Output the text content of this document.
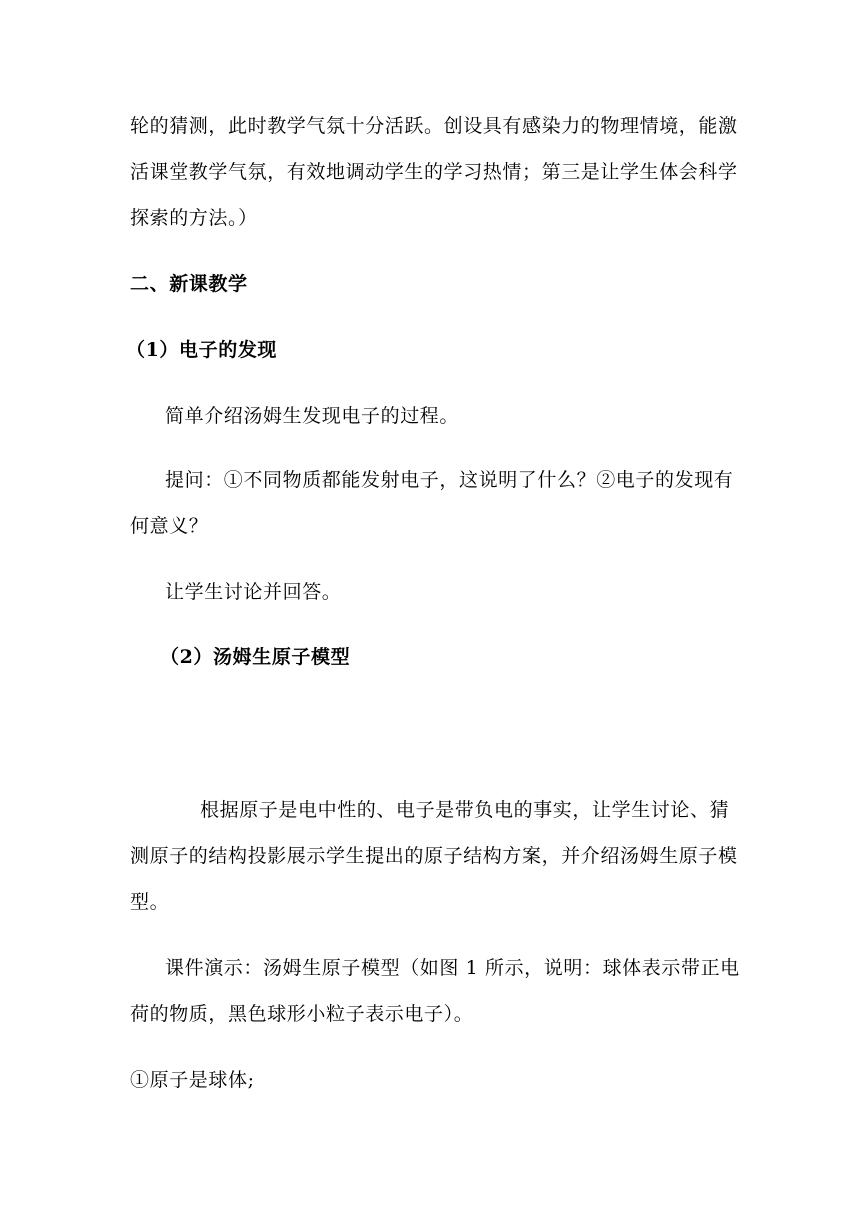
轮的猜测，此时教学气氛十分活跃。创设具有感染力的物理情境，能激
活课堂教学气氛，有效地调动学生的学习热情；第三是让学生体会科学
探索的方法。）
二、新课教学
（1）电子的发现
简单介绍汤姆生发现电子的过程。
提问：①不同物质都能发射电子，这说明了什么？②电子的发现有
何意义？
让学生讨论并回答。
（2）汤姆生原子模型
根据原子是电中性的、电子是带负电的事实，让学生讨论、猜
测原子的结构投影展示学生提出的原子结构方案，并介绍汤姆生原子模
型。
课件演示：汤姆生原子模型（如图 1 所示，说明：球体表示带正电
荷的物质，黑色球形小粒子表示电子）。
①原子是球体;
